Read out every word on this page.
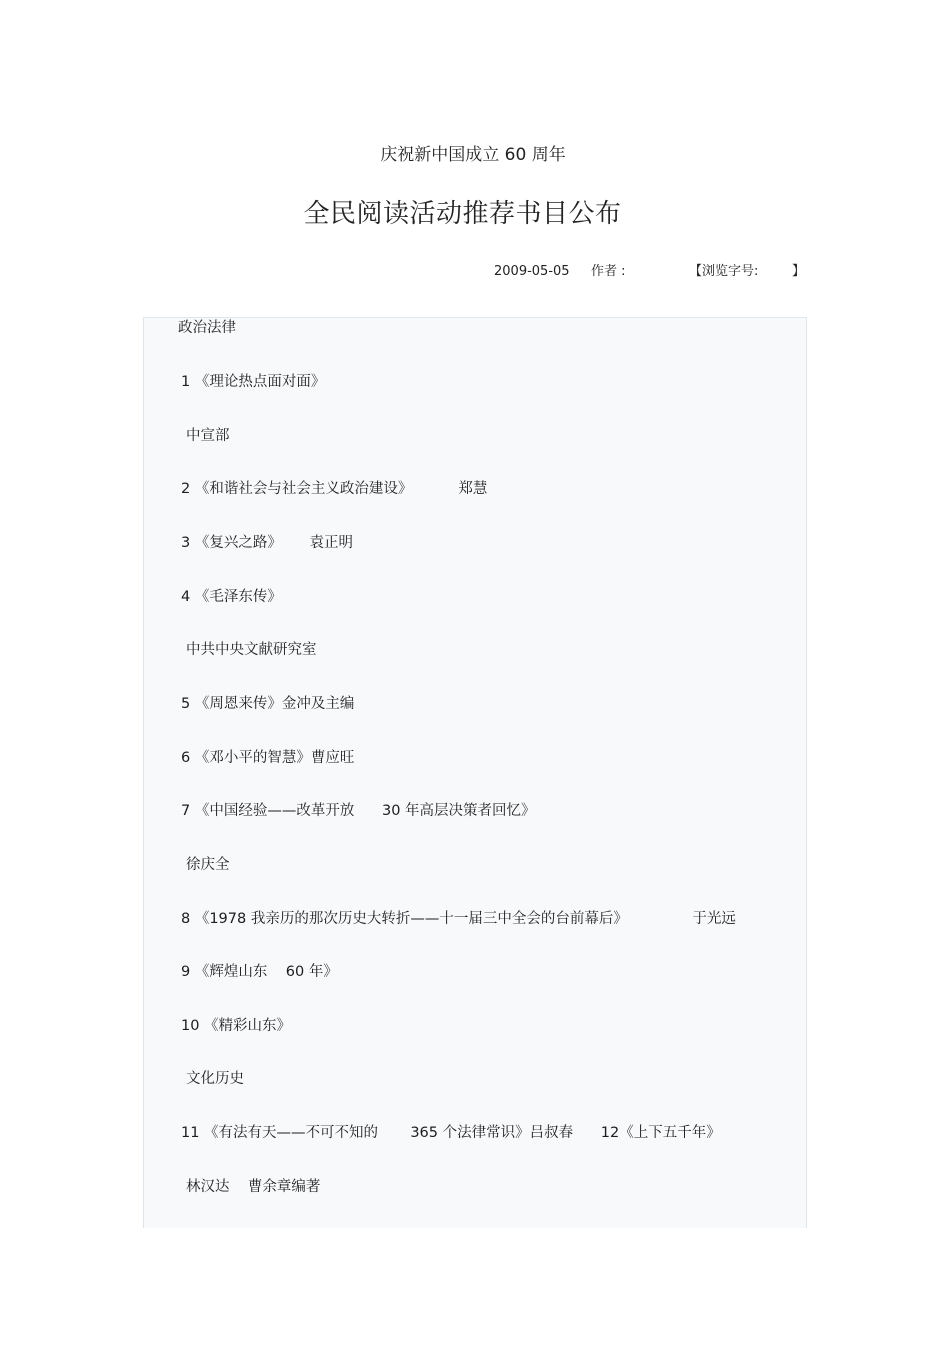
庆祝新中国成立 60 周年
全民阅读活动推荐书目公布
2009-05-05 作者 :	【浏览字号:	】
政治法律
1 《理论热点面对面》
中宣部
2 《和谐社会与社会主义政治建设》          郑慧
3 《复兴之路》      袁正明
4 《毛泽东传》
中共中央文献研究室
5 《周恩来传》金冲及主编
6 《邓小平的智慧》曹应旺
7 《中国经验——改革开放      30 年高层决策者回忆》
徐庆全
8 《1978 我亲历的那次历史大转折——十一届三中全会的台前幕后》              于光远
9 《辉煌山东    60 年》
10 《精彩山东》
文化历史
11 《有法有天——不可不知的       365 个法律常识》吕叔春      12《上下五千年》
林汉达    曹余章编著
